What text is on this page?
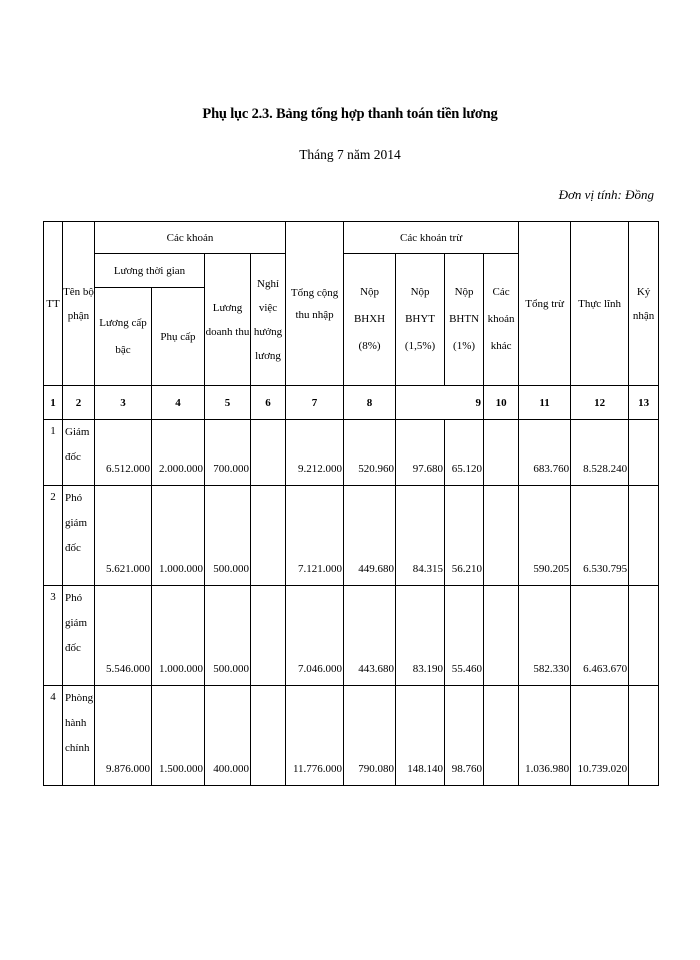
Phụ lục 2.3. Bảng tổng hợp thanh toán tiền lương
Tháng 7 năm 2014
Đơn vị tính: Đồng
TT	Tên bộ phận	Các khoản				Tổng cộng thu nhập	Các khoản trừ				Tổng trừ	Thực lĩnh	Ký nhận
		Lương thời gian		Lương doanh thu	Nghỉ việc hưởng lương		Nộp BHXH (8%)	Nộp BHYT (1,5%)	Nộp BHTN (1%)	Các khoản khác			
		Lương cấp bậc	Phụ cấp										
1	2	3	4	5	6	7	8	9		10	11	12	13
1	Giám đốc	6.512.000	2.000.000	700.000		9.212.000	520.960	97.680	65.120		683.760	8.528.240	
2	Phó giám đốc	5.621.000	1.000.000	500.000		7.121.000	449.680	84.315	56.210		590.205	6.530.795	
3	Phó giám đốc	5.546.000	1.000.000	500.000		7.046.000	443.680	83.190	55.460		582.330	6.463.670	
4	Phòng hành chính	9.876.000	1.500.000	400.000		11.776.000	790.080	148.140	98.760		1.036.980	10.739.020	
